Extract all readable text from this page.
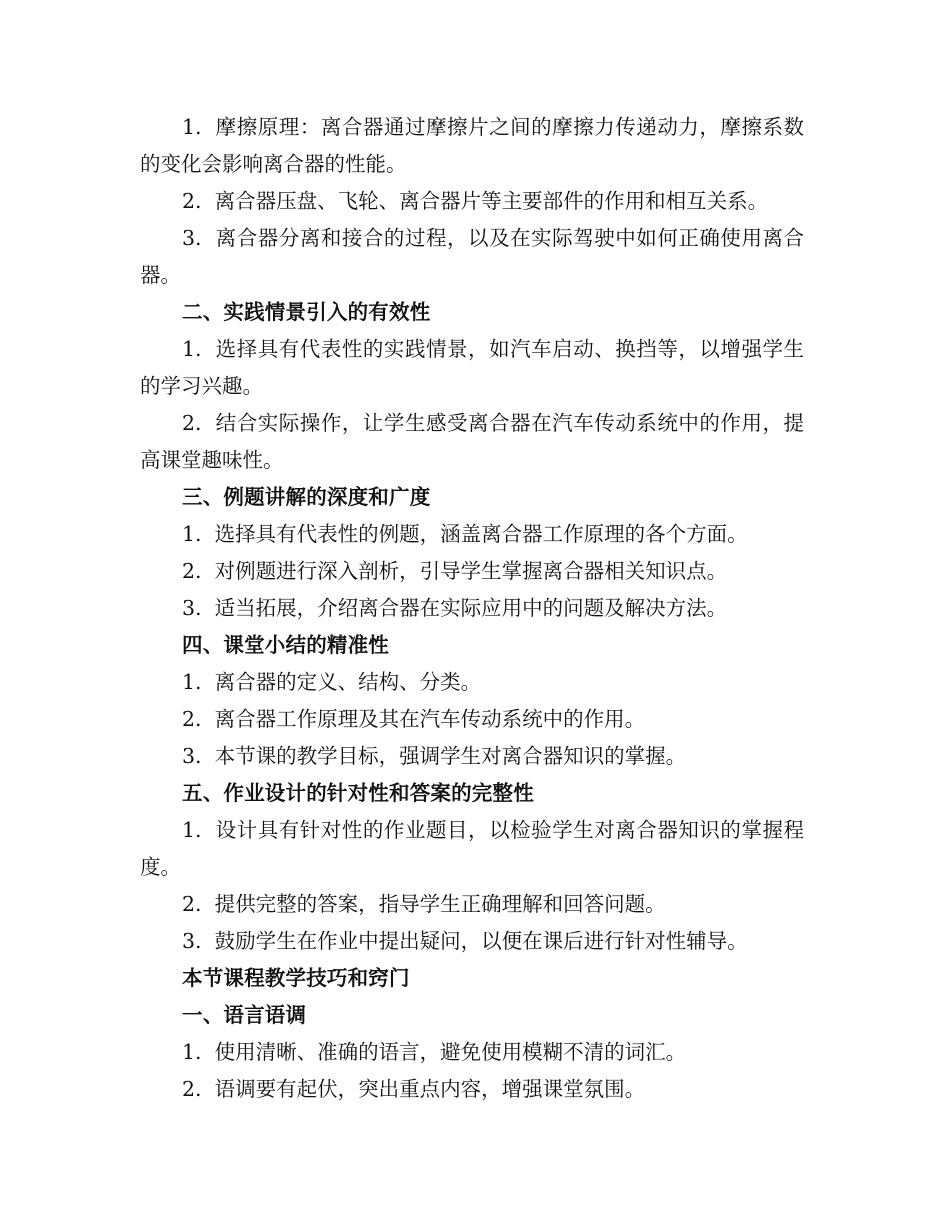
1. 摩擦原理：离合器通过摩擦片之间的摩擦力传递动力，摩擦系数的变化会影响离合器的性能。

2. 离合器压盘、飞轮、离合器片等主要部件的作用和相互关系。

3. 离合器分离和接合的过程，以及在实际驾驶中如何正确使用离合器。

二、实践情景引入的有效性

1. 选择具有代表性的实践情景，如汽车启动、换挡等，以增强学生的学习兴趣。

2. 结合实际操作，让学生感受离合器在汽车传动系统中的作用，提高课堂趣味性。

三、例题讲解的深度和广度

1. 选择具有代表性的例题，涵盖离合器工作原理的各个方面。

2. 对例题进行深入剖析，引导学生掌握离合器相关知识点。

3. 适当拓展，介绍离合器在实际应用中的问题及解决方法。

四、课堂小结的精准性

1. 离合器的定义、结构、分类。

2. 离合器工作原理及其在汽车传动系统中的作用。

3. 本节课的教学目标，强调学生对离合器知识的掌握。

五、作业设计的针对性和答案的完整性

1. 设计具有针对性的作业题目，以检验学生对离合器知识的掌握程度。

2. 提供完整的答案，指导学生正确理解和回答问题。

3. 鼓励学生在作业中提出疑问，以便在课后进行针对性辅导。

本节课程教学技巧和窍门

一、语言语调

1. 使用清晰、准确的语言，避免使用模糊不清的词汇。

2. 语调要有起伏，突出重点内容，增强课堂氛围。
